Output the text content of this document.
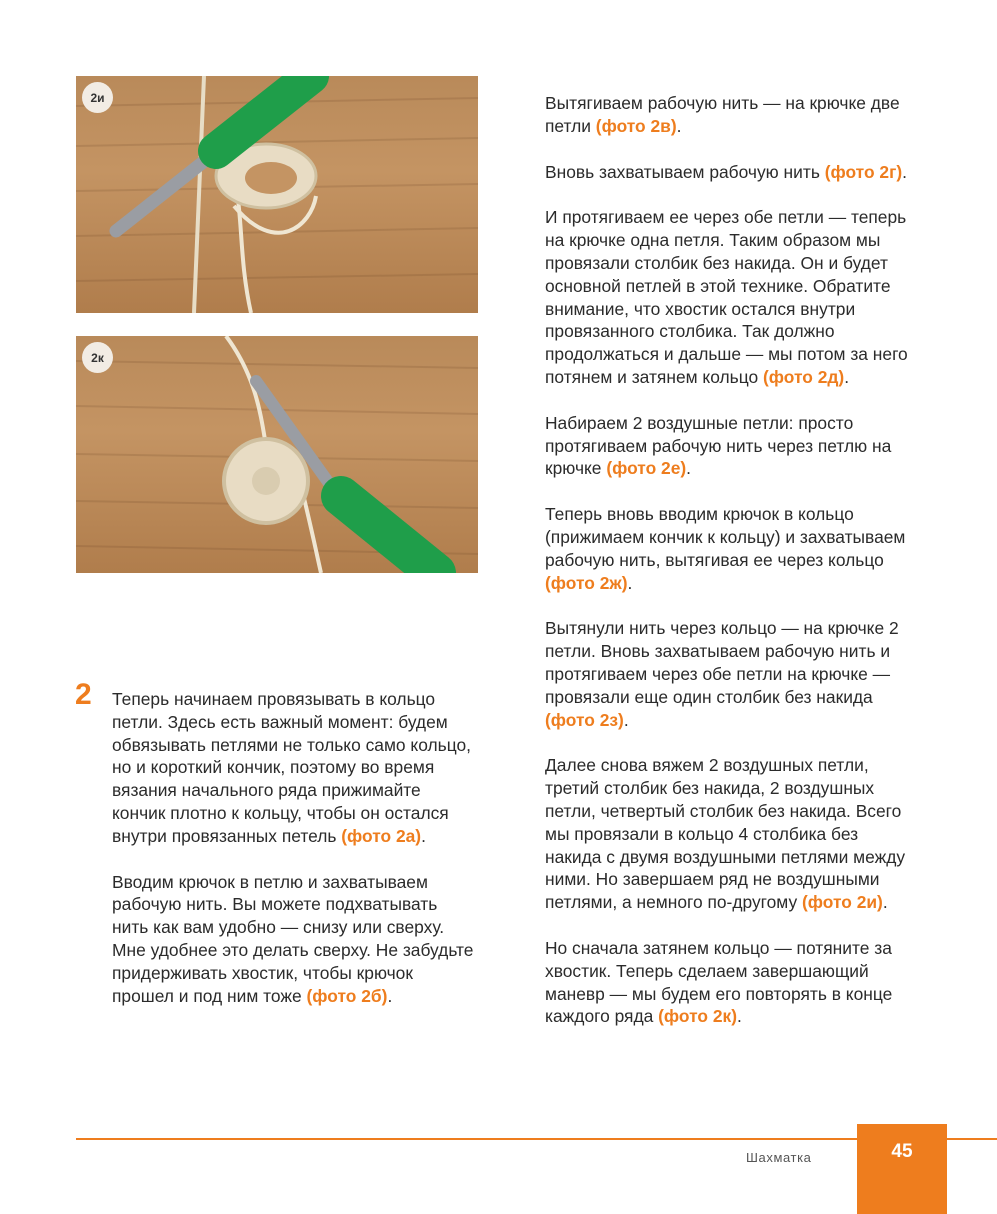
2и
2к
2 Теперь начинаем провязывать в кольцо петли. Здесь есть важный момент: будем обвязывать петлями не только само кольцо, но и короткий кончик, поэтому во время вязания начального ряда прижимайте кончик плотно к кольцу, чтобы он остался внутри провязанных петель (фото 2а).

Вводим крючок в петлю и захватываем рабочую нить. Вы можете подхватывать нить как вам удобно — снизу или сверху. Мне удобнее это делать сверху. Не забудьте придерживать хвостик, чтобы крючок прошел и под ним тоже (фото 2б).

Вытягиваем рабочую нить — на крючке две петли (фото 2в).

Вновь захватываем рабочую нить (фото 2г).

И протягиваем ее через обе петли — теперь на крючке одна петля. Таким образом мы провязали столбик без накида. Он и будет основной петлей в этой технике. Обратите внимание, что хвостик остался внутри провязанного столбика. Так должно продолжаться и дальше — мы потом за него потянем и затянем кольцо (фото 2д).

Набираем 2 воздушные петли: просто протягиваем рабочую нить через петлю на крючке (фото 2е).

Теперь вновь вводим крючок в кольцо (прижимаем кончик к кольцу) и захватываем рабочую нить, вытягивая ее через кольцо (фото 2ж).

Вытянули нить через кольцо — на крючке 2 петли. Вновь захватываем рабочую нить и протягиваем через обе петли на крючке — провязали еще один столбик без накида (фото 2з).

Далее снова вяжем 2 воздушных петли, третий столбик без накида, 2 воздушных петли, четвертый столбик без накида. Всего мы провязали в кольцо 4 столбика без накида с двумя воздушными петлями между ними. Но завершаем ряд не воздушными петлями, а немного по-другому (фото 2и).

Но сначала затянем кольцо — потяните за хвостик. Теперь сделаем завершающий маневр — мы будем его повторять в конце каждого ряда (фото 2к).

Шахматка	45
